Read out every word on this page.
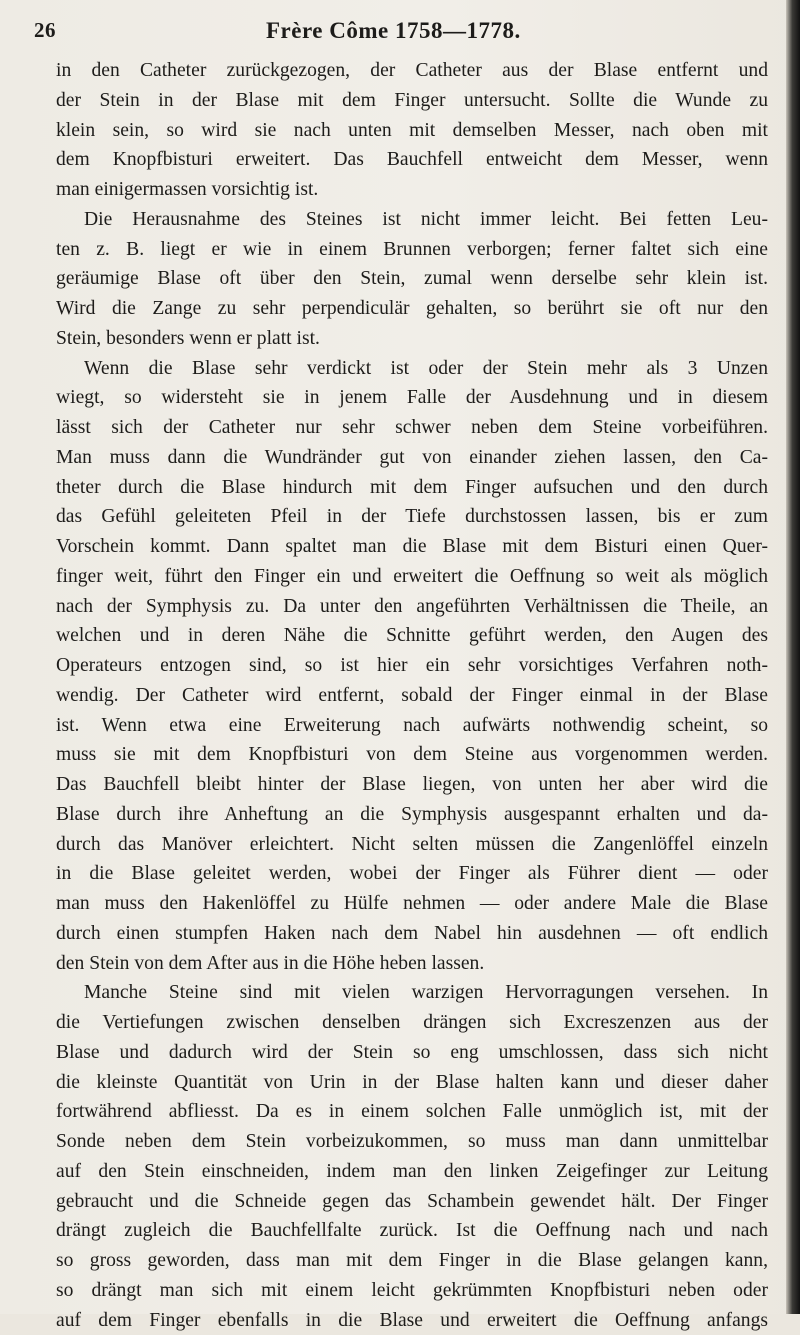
26	Frère Côme 1758—1778.
in den Catheter zurückgezogen, der Catheter aus der Blase entfernt und
der Stein in der Blase mit dem Finger untersucht. Sollte die Wunde zu
klein sein, so wird sie nach unten mit demselben Messer, nach oben mit
dem Knopfbisturi erweitert. Das Bauchfell entweicht dem Messer, wenn
man einigermassen vorsichtig ist.
Die Herausnahme des Steines ist nicht immer leicht. Bei fetten Leu-
ten z. B. liegt er wie in einem Brunnen verborgen; ferner faltet sich eine
geräumige Blase oft über den Stein, zumal wenn derselbe sehr klein ist.
Wird die Zange zu sehr perpendiculär gehalten, so berührt sie oft nur den
Stein, besonders wenn er platt ist.
Wenn die Blase sehr verdickt ist oder der Stein mehr als 3 Unzen
wiegt, so widersteht sie in jenem Falle der Ausdehnung und in diesem
lässt sich der Catheter nur sehr schwer neben dem Steine vorbeiführen.
Man muss dann die Wundränder gut von einander ziehen lassen, den Ca-
theter durch die Blase hindurch mit dem Finger aufsuchen und den durch
das Gefühl geleiteten Pfeil in der Tiefe durchstossen lassen, bis er zum
Vorschein kommt. Dann spaltet man die Blase mit dem Bisturi einen Quer-
finger weit, führt den Finger ein und erweitert die Oeffnung so weit als möglich
nach der Symphysis zu. Da unter den angeführten Verhältnissen die Theile, an
welchen und in deren Nähe die Schnitte geführt werden, den Augen des
Operateurs entzogen sind, so ist hier ein sehr vorsichtiges Verfahren noth-
wendig. Der Catheter wird entfernt, sobald der Finger einmal in der Blase
ist. Wenn etwa eine Erweiterung nach aufwärts nothwendig scheint, so
muss sie mit dem Knopfbisturi von dem Steine aus vorgenommen werden.
Das Bauchfell bleibt hinter der Blase liegen, von unten her aber wird die
Blase durch ihre Anheftung an die Symphysis ausgespannt erhalten und da-
durch das Manöver erleichtert. Nicht selten müssen die Zangenlöffel einzeln
in die Blase geleitet werden, wobei der Finger als Führer dient — oder
man muss den Hakenlöffel zu Hülfe nehmen — oder andere Male die Blase
durch einen stumpfen Haken nach dem Nabel hin ausdehnen — oft endlich
den Stein von dem After aus in die Höhe heben lassen.
Manche Steine sind mit vielen warzigen Hervorragungen versehen. In
die Vertiefungen zwischen denselben drängen sich Excreszenzen aus der
Blase und dadurch wird der Stein so eng umschlossen, dass sich nicht
die kleinste Quantität von Urin in der Blase halten kann und dieser daher
fortwährend abfliesst. Da es in einem solchen Falle unmöglich ist, mit der
Sonde neben dem Stein vorbeizukommen, so muss man dann unmittelbar
auf den Stein einschneiden, indem man den linken Zeigefinger zur Leitung
gebraucht und die Schneide gegen das Schambein gewendet hält. Der Finger
drängt zugleich die Bauchfellfalte zurück. Ist die Oeffnung nach und nach
so gross geworden, dass man mit dem Finger in die Blase gelangen kann,
so drängt man sich mit einem leicht gekrümmten Knopfbisturi neben oder
auf dem Finger ebenfalls in die Blase und erweitert die Oeffnung anfangs
